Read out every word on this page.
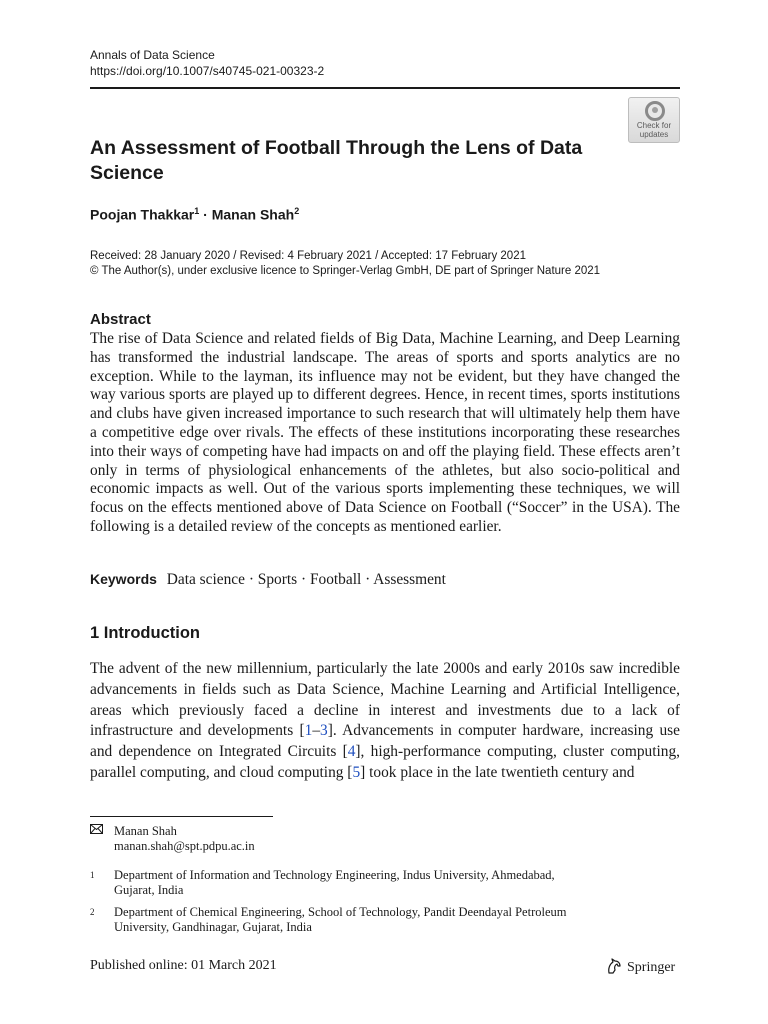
Annals of Data Science
https://doi.org/10.1007/s40745-021-00323-2
Check for
updates
An Assessment of Football Through the Lens of Data
Science
Poojan Thakkar$^1$ · Manan Shah$^2$
Received: 28 January 2020 / Revised: 4 February 2021 / Accepted: 17 February 2021
© The Author(s), under exclusive licence to Springer-Verlag GmbH, DE part of Springer Nature 2021
Abstract

The rise of Data Science and related fields of Big Data, Machine Learning, and Deep Learning has transformed the industrial landscape. The areas of sports and sports analytics are no exception. While to the layman, its influence may not be evident, but they have changed the way various sports are played up to different degrees. Hence, in recent times, sports institutions and clubs have given increased importance to such research that will ultimately help them have a competitive edge over rivals. The effects of these institutions incorporating these researches into their ways of competing have had impacts on and off the playing field. These effects aren’t only in terms of physiological enhancements of the athletes, but also socio-political and economic impacts as well. Out of the various sports implementing these techniques, we will focus on the effects mentioned above of Data Science on Football (“Soccer” in the USA). The following is a detailed review of the concepts as mentioned earlier.

Keywords Data science · Sports · Football · Assessment
1 Introduction

The advent of the new millennium, particularly the late 2000s and early 2010s saw incredible advancements in fields such as Data Science, Machine Learning and Artificial Intelligence, areas which previously faced a decline in interest and investments due to a lack of infrastructure and developments [1–3]. Advancements in computer hardware, increasing use and dependence on Integrated Circuits [4], high-performance computing, cluster computing, parallel computing, and cloud computing [5] took place in the late twentieth century and

Manan Shah
manan.shah@spt.pdpu.ac.in
1 Department of Information and Technology Engineering, Indus University, Ahmedabad,
Gujarat, India
2 Department of Chemical Engineering, School of Technology, Pandit Deendayal Petroleum
University, Gandhinagar, Gujarat, India
Published online: 01 March 2021	Springer
